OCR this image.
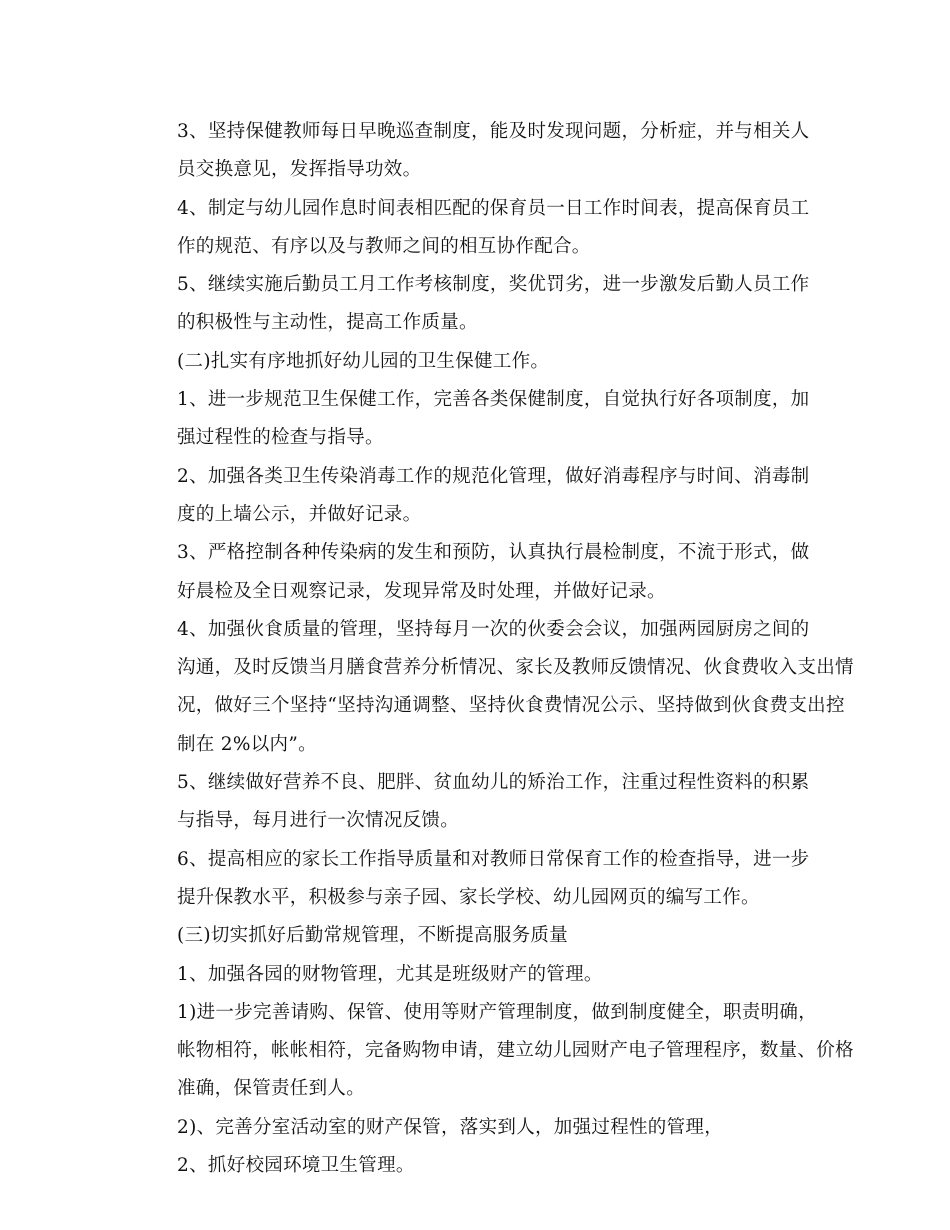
3、坚持保健教师每日早晚巡查制度，能及时发现问题，分析症，并与相关人
员交换意见，发挥指导功效。

4、制定与幼儿园作息时间表相匹配的保育员一日工作时间表，提高保育员工
作的规范、有序以及与教师之间的相互协作配合。

5、继续实施后勤员工月工作考核制度，奖优罚劣，进一步激发后勤人员工作
的积极性与主动性，提高工作质量。

(二)扎实有序地抓好幼儿园的卫生保健工作。

1、进一步规范卫生保健工作，完善各类保健制度，自觉执行好各项制度，加
强过程性的检查与指导。

2、加强各类卫生传染消毒工作的规范化管理，做好消毒程序与时间、消毒制
度的上墙公示，并做好记录。

3、严格控制各种传染病的发生和预防，认真执行晨检制度，不流于形式，做
好晨检及全日观察记录，发现异常及时处理，并做好记录。

4、加强伙食质量的管理，坚持每月一次的伙委会会议，加强两园厨房之间的
沟通，及时反馈当月膳食营养分析情况、家长及教师反馈情况、伙食费收入支出情
况，做好三个坚持“坚持沟通调整、坚持伙食费情况公示、坚持做到伙食费支出控
制在 2%以内”。

5、继续做好营养不良、肥胖、贫血幼儿的矫治工作，注重过程性资料的积累
与指导，每月进行一次情况反馈。

6、提高相应的家长工作指导质量和对教师日常保育工作的检查指导，进一步
提升保教水平，积极参与亲子园、家长学校、幼儿园网页的编写工作。

(三)切实抓好后勤常规管理，不断提高服务质量

1、加强各园的财物管理，尤其是班级财产的管理。

1)进一步完善请购、保管、使用等财产管理制度，做到制度健全，职责明确，
帐物相符，帐帐相符，完备购物申请，建立幼儿园财产电子管理程序，数量、价格
准确，保管责任到人。

2)、完善分室活动室的财产保管，落实到人，加强过程性的管理，

2、抓好校园环境卫生管理。
